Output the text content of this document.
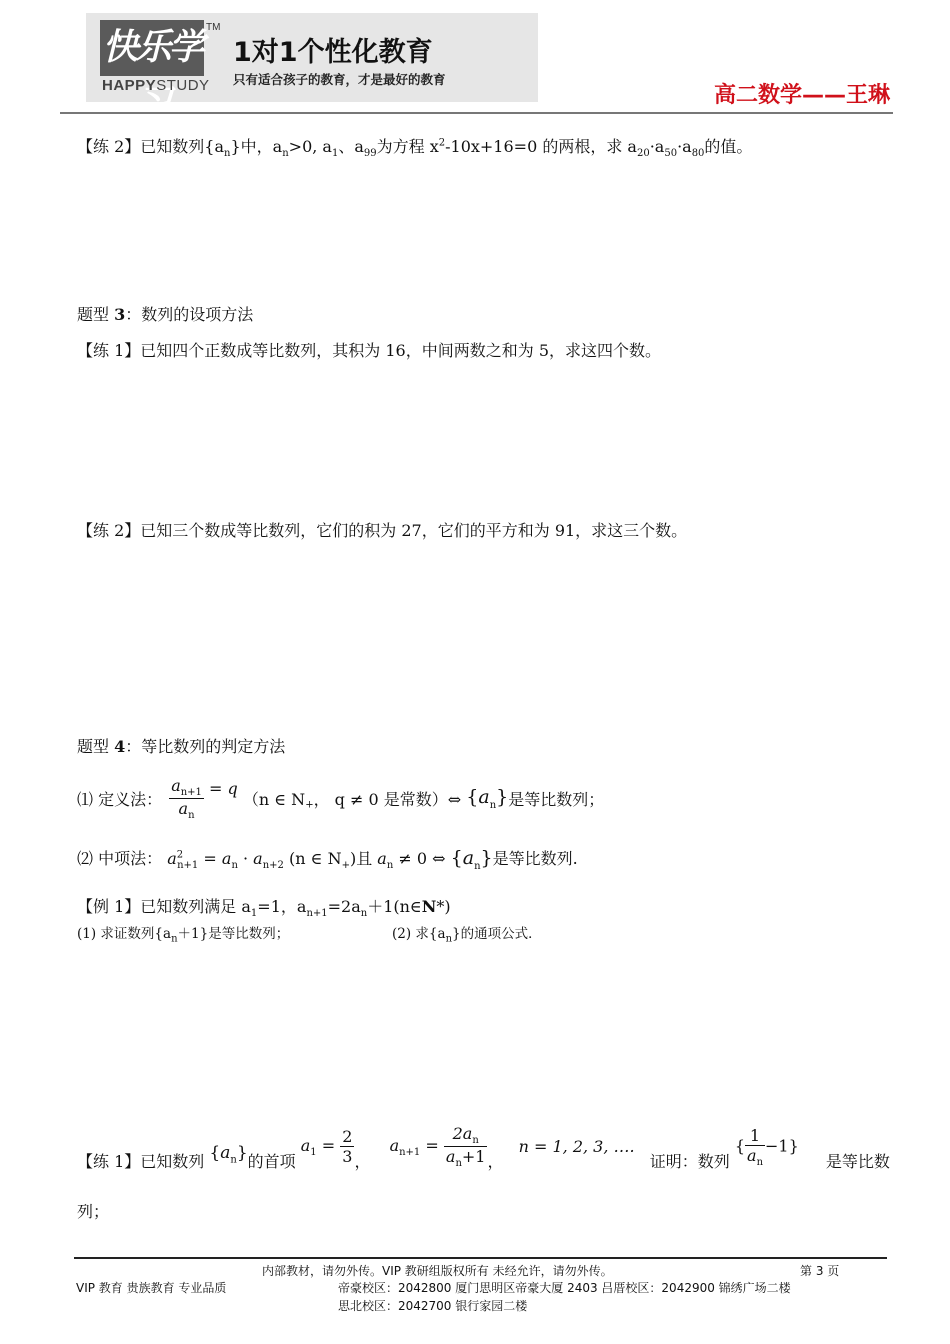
快乐学习
TM
HAPPYSTUDY
1对1个性化教育
只有适合孩子的教育，才是最好的教育
高二数学——王琳
【练 2】已知数列$\{a_n\}$中，$a_n>0$, $a_1$、$a_{99}$为方程 $x^2-10x+16=0$ 的两根，求 $a_{20}\cdot a_{50}\cdot a_{80}$的值。
题型 3：数列的设项方法
【练 1】已知四个正数成等比数列，其积为 16，中间两数之和为 5，求这四个数。
【练 2】已知三个数成等比数列，它们的积为 27，它们的平方和为 91，求这三个数。
题型 4：等比数列的判定方法
⑴ 定义法： $\frac{a_{n+1}}{a_n} = q$ （n ∈ $N_+$， q ≠ 0 是常数）⇔ $\{a_n\}$是等比数列；
⑵ 中项法： $a^2_{n+1} = a_n \cdot a_{n+2}$ (n ∈ $N_+$)且 $a_n \ne 0$ ⇔ $\{a_n\}$是等比数列.
【例 1】已知数列满足 $a_1=1$，$a_{n+1}=2a_n+1(n\in N*)$
(1) 求证数列$\{a_n+1\}$是等比数列；	(2) 求$\{a_n\}$的通项公式．
【练 1】已知数列 $\{a_n\}$的首项 $a_1 = \frac{2}{3}$ ， $a_{n+1} = \frac{2a_n}{a_n+1}$ ， n = 1, 2, 3, …. 证明：数列 { $\frac{1}{a_n} -1$} 是等比数
列；
内部教材，请勿外传。VIP 教研组版权所有 未经允许，请勿外传。	第 3 页
VIP 教育 贵族教育 专业品质	帝豪校区：2042800 厦门思明区帝豪大厦 2403 吕厝校区：2042900 锦绣广场二楼
思北校区：2042700 银行家园二楼
